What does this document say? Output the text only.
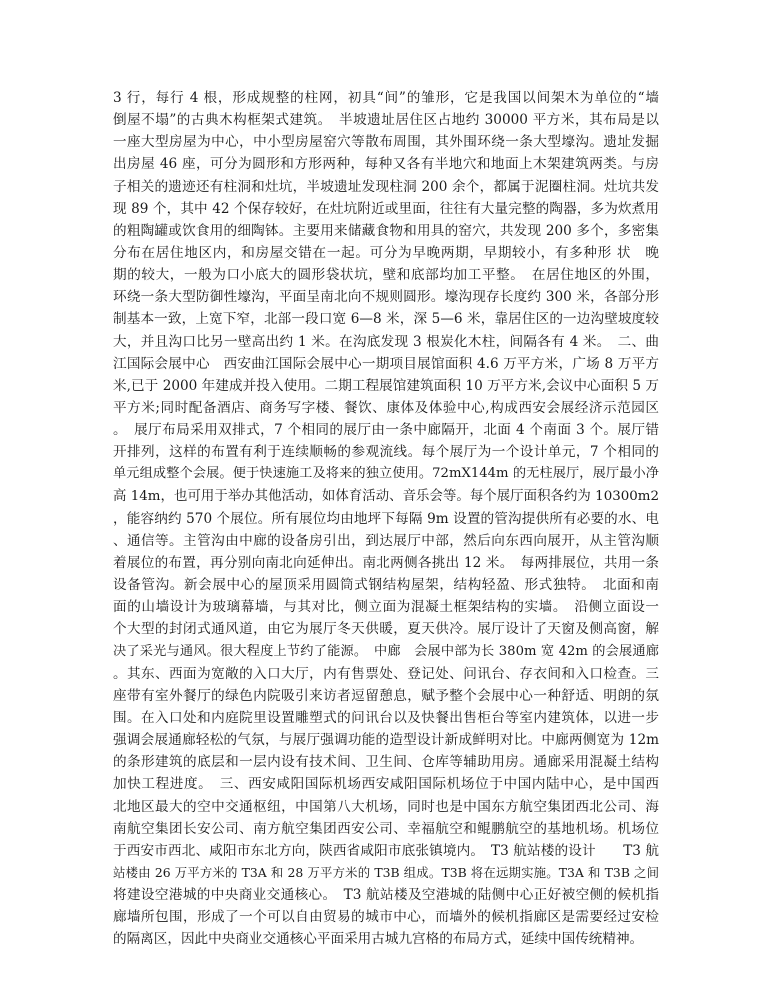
3 行，每行 4 根，形成规整的柱网，初具“间”的雏形，它是我国以间架木为单位的“墙
倒屋不塌”的古典木构框架式建筑。　半坡遗址居住区占地约 30000 平方米，其布局是以
一座大型房屋为中心，中小型房屋窑穴等散布周围，其外围环绕一条大型壕沟。遗址发掘
出房屋 46 座，可分为圆形和方形两种，每种又各有半地穴和地面上木架建筑两类。与房
子相关的遗迹还有柱洞和灶坑，半坡遗址发现柱洞 200 余个，都属于泥圈柱洞。灶坑共发
现 89 个，其中 42 个保存较好，在灶坑附近或里面，往往有大量完整的陶器，多为炊煮用
的粗陶罐或饮食用的细陶钵。主要用来储藏食物和用具的窑穴，共发现 200 多个，多密集
分布在居住地区内，和房屋交错在一起。可分为早晚两期，早期较小，有多种形 状　晚
期的较大，一般为口小底大的圆形袋状坑，壁和底部均加工平整。　在居住地区的外围，
环绕一条大型防御性壕沟，平面呈南北向不规则圆形。壕沟现存长度约 300 米，各部分形
制基本一致，上宽下窄，北部一段口宽 6—8 米，深 5—6 米，靠居住区的一边沟壁坡度较
大，并且沟口比另一壁高出约 1 米。在沟底发现 3 根炭化木柱，间隔各有 4 米。　二、曲
江国际会展中心　西安曲江国际会展中心一期项目展馆面积 4.6 万平方米，广场 8 万平方
米,已于 2000 年建成并投入使用。二期工程展馆建筑面积 10 万平方米,会议中心面积 5 万
平方米;同时配备酒店、商务写字楼、餐饮、康体及体验中心,构成西安会展经济示范园区
。　展厅布局采用双排式，7 个相同的展厅由一条中廊隔开，北面 4 个南面 3 个。展厅错
开排列，这样的布置有利于连续顺畅的参观流线。每个展厅为一个设计单元，7 个相同的
单元组成整个会展。便于快速施工及将来的独立使用。72mX144m 的无柱展厅，展厅最小净
高 14m，也可用于举办其他活动，如体育活动、音乐会等。每个展厅面积各约为 10300m2
，能容纳约 570 个展位。所有展位均由地坪下每隔 9m 设置的管沟提供所有必要的水、电
、通信等。主管沟由中廊的设备房引出，到达展厅中部，然后向东西向展开，从主管沟顺
着展位的布置，再分别向南北向延伸出。南北两侧各挑出 12 米。　每两排展位，共用一条
设备管沟。新会展中心的屋顶采用圆筒式钢结构屋架，结构轻盈、形式独特。　北面和南
面的山墙设计为玻璃幕墙，与其对比，侧立面为混凝土框架结构的实墙。　沿侧立面设一
个大型的封闭式通风道，由它为展厅冬天供暖，夏天供冷。展厅设计了天窗及侧高窗，解
决了采光与通风。很大程度上节约了能源。　中廊　会展中部为长 380m 宽 42m 的会展通廊
。其东、西面为宽敞的入口大厅，内有售票处、登记处、问讯台、存衣间和入口检查。三
座带有室外餐厅的绿色内院吸引来访者逗留憩息，赋予整个会展中心一种舒适、明朗的氛
围。在入口处和内庭院里设置雕塑式的问讯台以及快餐出售柜台等室内建筑体，以进一步
强调会展通廊轻松的气氛，与展厅强调功能的造型设计新成鲜明对比。中廊两侧宽为 12m
的条形建筑的底层和一层内设有技术间、卫生间、仓库等辅助用房。通廊采用混凝土结构
加快工程进度。　三、西安咸阳国际机场西安咸阳国际机场位于中国内陆中心，是中国西
北地区最大的空中交通枢纽，中国第八大机场，同时也是中国东方航空集团西北公司、海
南航空集团长安公司、南方航空集团西安公司、幸福航空和鲲鹏航空的基地机场。机场位
于西安市西北、咸阳市东北方向，陕西省咸阳市底张镇境内。　T3 航站楼的设计　　T3 航
站楼由 26 万平方米的 T3A 和 28 万平方米的 T3B 组成。T3B 将在远期实施。T3A 和 T3B 之间
将建设空港城的中央商业交通核心。　T3 航站楼及空港城的陆侧中心正好被空侧的候机指
廊墙所包围，形成了一个可以自由贸易的城市中心，而墙外的候机指廊区是需要经过安检
的隔离区，因此中央商业交通核心平面采用古城九宫格的布局方式，延续中国传统精神。
